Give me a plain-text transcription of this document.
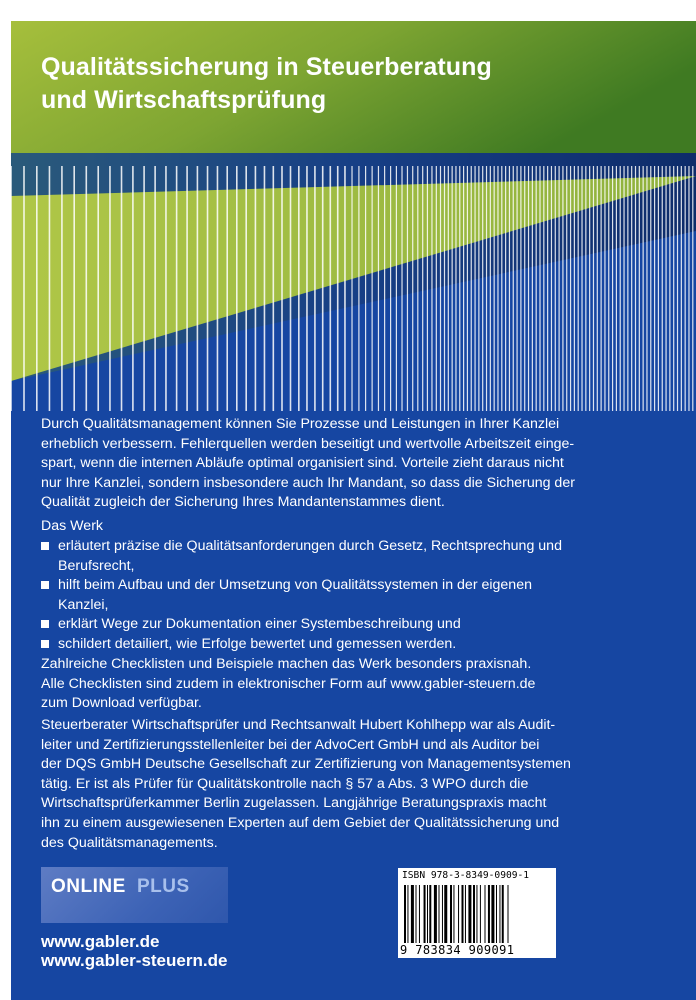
Qualitätssicherung in Steuerberatung
und Wirtschaftsprüfung

Durch Qualitätsmanagement können Sie Prozesse und Leistungen in Ihrer Kanzlei
erheblich verbessern. Fehlerquellen werden beseitigt und wertvolle Arbeitszeit einge-
spart, wenn die internen Abläufe optimal organisiert sind. Vorteile zieht daraus nicht
nur Ihre Kanzlei, sondern insbesondere auch Ihr Mandant, so dass die Sicherung der
Qualität zugleich der Sicherung Ihres Mandantenstammes dient.

Das Werk

erläutert präzise die Qualitätsanforderungen durch Gesetz, Rechtsprechung und
Berufsrecht,
hilft beim Aufbau und der Umsetzung von Qualitätssystemen in der eigenen
Kanzlei,
erklärt Wege zur Dokumentation einer Systembeschreibung und
schildert detailiert, wie Erfolge bewertet und gemessen werden.

Zahlreiche Checklisten und Beispiele machen das Werk besonders praxisnah.
Alle Checklisten sind zudem in elektronischer Form auf www.gabler-steuern.de
zum Download verfügbar.

Steuerberater Wirtschaftsprüfer und Rechtsanwalt Hubert Kohlhepp war als Audit-
leiter und Zertifizierungsstellenleiter bei der AdvoCert GmbH und als Auditor bei
der DQS GmbH Deutsche Gesellschaft zur Zertifizierung von Managementsystemen
tätig. Er ist als Prüfer für Qualitätskontrolle nach § 57 a Abs. 3 WPO durch die
Wirtschaftsprüferkammer Berlin zugelassen. Langjährige Beratungspraxis macht
ihn zu einem ausgewiesenen Experten auf dem Gebiet der Qualitätssicherung und
des Qualitätsmanagements.

ONLINE PLUS
www.gabler.de
www.gabler-steuern.de
ISBN 978-3-8349-0909-1
9 783834 909091
